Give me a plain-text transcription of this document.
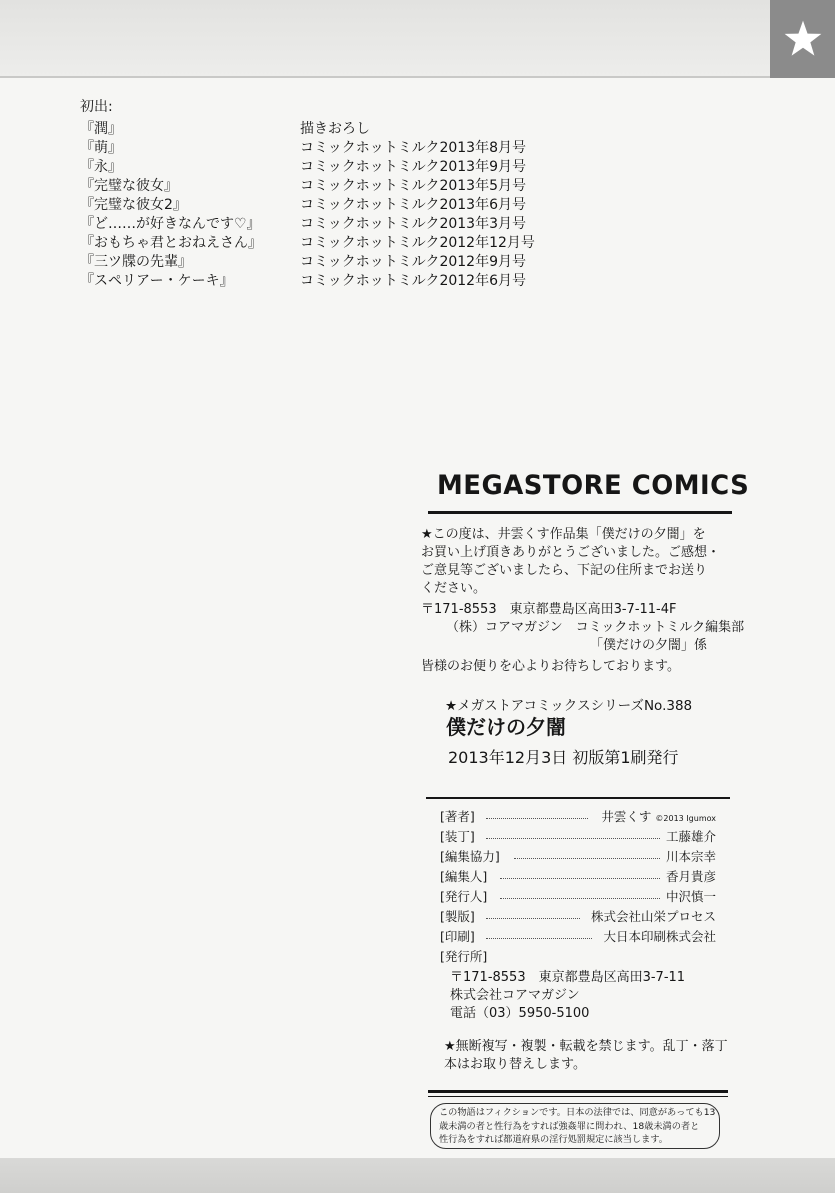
初出:
『潤』	描きおろし
『萌』	コミックホットミルク2013年8月号
『永』	コミックホットミルク2013年9月号
『完璧な彼女』	コミックホットミルク2013年5月号
『完璧な彼女2』	コミックホットミルク2013年6月号
『ど……が好きなんです♡』	コミックホットミルク2013年3月号
『おもちゃ君とおねえさん』	コミックホットミルク2012年12月号
『三ツ牒の先輩』	コミックホットミルク2012年9月号
『スペリアー・ケーキ』	コミックホットミルク2012年6月号
MEGASTORE COMICS
★この度は、井雲くす作品集「僕だけの夕闇」を
お買い上げ頂きありがとうございました。ご感想・
ご意見等ございましたら、下記の住所までお送り
ください。
〒171-8553　東京都豊島区高田3-7-11-4F
（株）コアマガジン　コミックホットミルク編集部
「僕だけの夕闇」係
皆様のお便りを心よりお待ちしております。
★メガストアコミックスシリーズNo.388
僕だけの夕闇
2013年12月3日 初版第1刷発行
[著者]	井雲くす ©2013 Igumox
[装丁]	工藤雄介
[編集協力]	川本宗幸
[編集人]	香月貴彦
[発行人]	中沢慎一
[製版]	株式会社山栄プロセス
[印刷]	大日本印刷株式会社
[発行所]
〒171-8553　東京都豊島区高田3-7-11
株式会社コアマガジン
電話（03）5950-5100
★無断複写・複製・転載を禁じます。乱丁・落丁
本はお取り替えします。
この物語はフィクションです。日本の法律では、同意があっても13
歳未満の者と性行為をすれば強姦罪に問われ、18歳未満の者と
性行為をすれば都道府県の淫行処罰規定に該当します。
